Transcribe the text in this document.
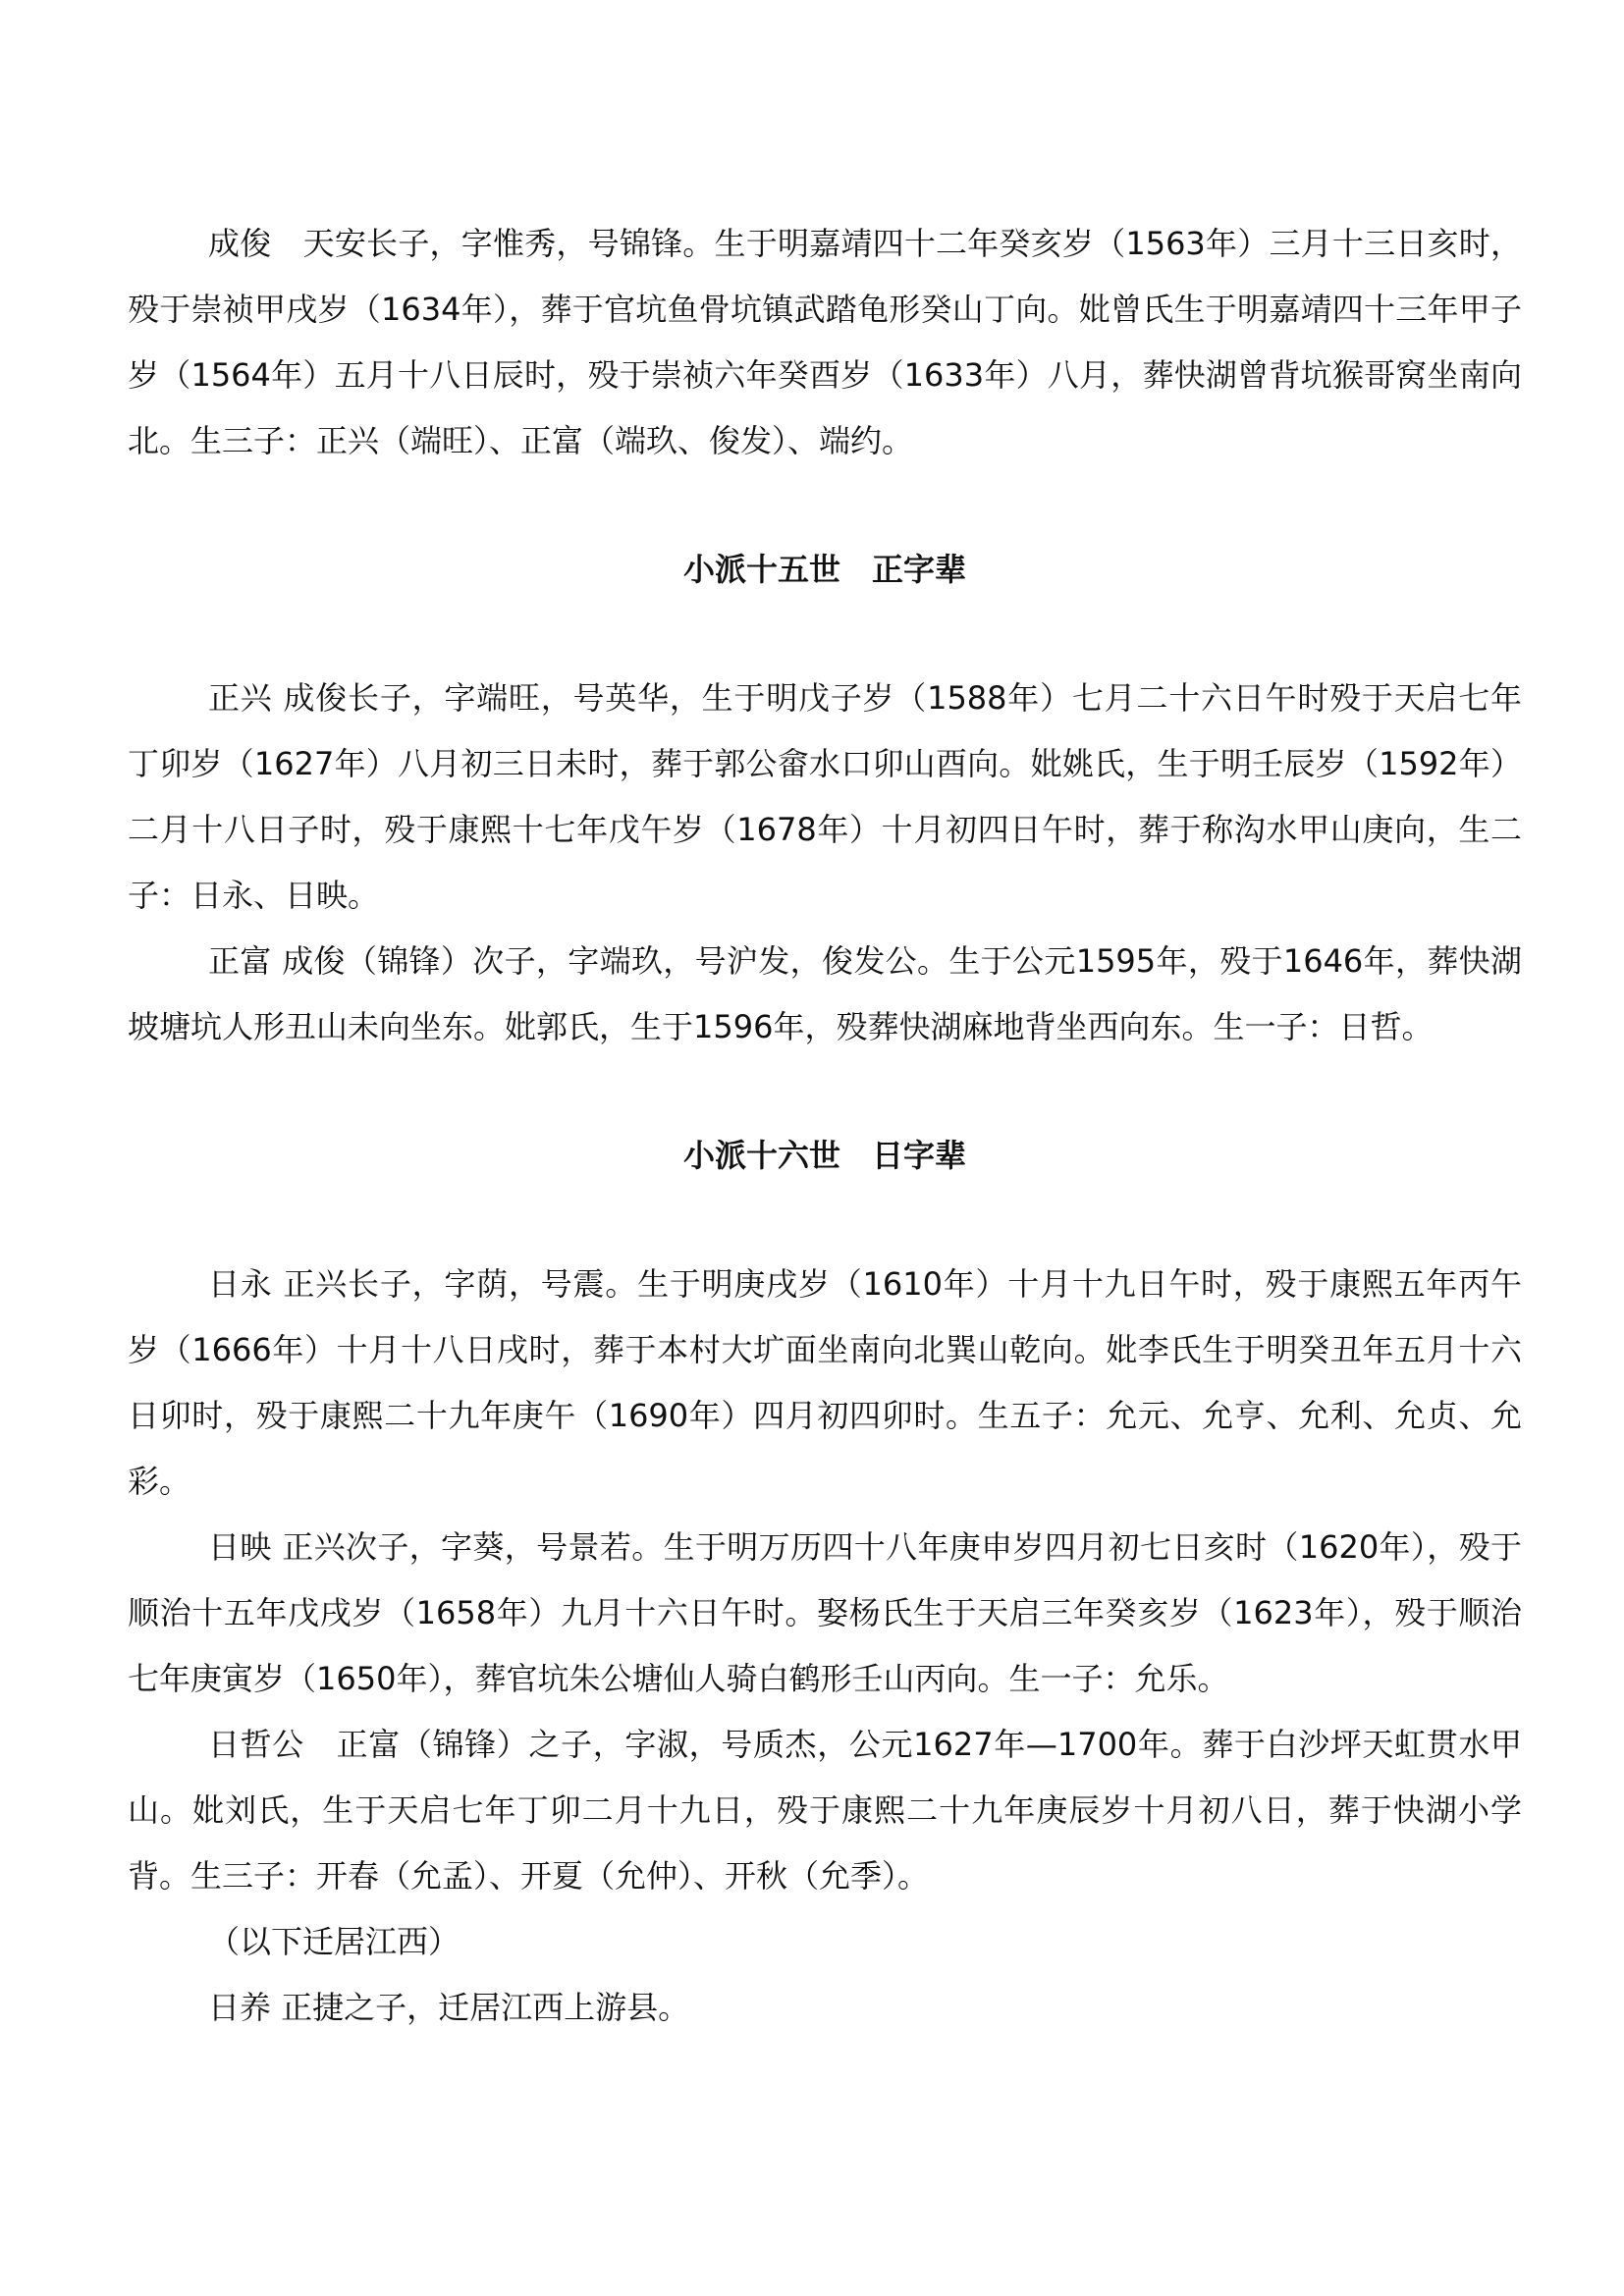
成俊　天安长子，字惟秀，号锦锋。生于明嘉靖四十二年癸亥岁（1563年）三月十三日亥时，殁于崇祯甲戌岁（1634年），葬于官坑鱼骨坑镇武踏龟形癸山丁向。妣曾氏生于明嘉靖四十三年甲子岁（1564年）五月十八日辰时，殁于崇祯六年癸酉岁（1633年）八月，葬快湖曾背坑猴哥窝坐南向北。生三子：正兴（端旺）、正富（端玖、俊发）、端约。

小派十五世　正字辈

正兴 成俊长子，字端旺，号英华，生于明戊子岁（1588年）七月二十六日午时殁于天启七年丁卯岁（1627年）八月初三日未时，葬于郭公畲水口卯山酉向。妣姚氏，生于明壬辰岁（1592年）二月十八日子时，殁于康熙十七年戊午岁（1678年）十月初四日午时，葬于称沟水甲山庚向，生二子：日永、日映。

正富 成俊（锦锋）次子，字端玖，号沪发，俊发公。生于公元1595年，殁于1646年，葬快湖坡塘坑人形丑山未向坐东。妣郭氏，生于1596年，殁葬快湖麻地背坐西向东。生一子：日哲。

小派十六世　日字辈

日永 正兴长子，字荫，号震。生于明庚戌岁（1610年）十月十九日午时，殁于康熙五年丙午岁（1666年）十月十八日戌时，葬于本村大圹面坐南向北巽山乾向。妣李氏生于明癸丑年五月十六日卯时，殁于康熙二十九年庚午（1690年）四月初四卯时。生五子：允元、允亨、允利、允贞、允彩。

日映 正兴次子，字葵，号景若。生于明万历四十八年庚申岁四月初七日亥时（1620年），殁于顺治十五年戊戌岁（1658年）九月十六日午时。娶杨氏生于天启三年癸亥岁（1623年），殁于顺治七年庚寅岁（1650年），葬官坑朱公塘仙人骑白鹤形壬山丙向。生一子：允乐。

日哲公　正富（锦锋）之子，字淑，号质杰，公元1627年—1700年。葬于白沙坪天虹贯水甲山。妣刘氏，生于天启七年丁卯二月十九日，殁于康熙二十九年庚辰岁十月初八日，葬于快湖小学背。生三子：开春（允孟）、开夏（允仲）、开秋（允季）。

（以下迁居江西）

日养 正捷之子，迁居江西上游县。
